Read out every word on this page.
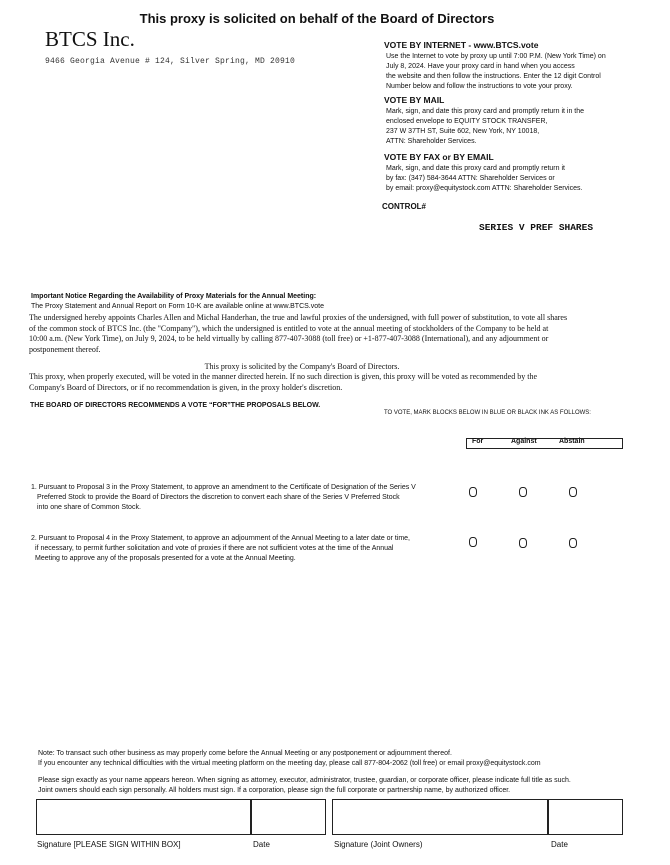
This proxy is solicited on behalf of the Board of Directors
BTCS Inc.
9466 Georgia Avenue # 124, Silver Spring, MD 20910
VOTE BY INTERNET - www.BTCS.vote
Use the Internet to vote by proxy up until 7:00 P.M. (New York Time) on
July 8, 2024. Have your proxy card in hand when you access
the website and then follow the instructions. Enter the 12 digit Control
Number below and follow the instructions to vote your proxy.
VOTE BY MAIL
Mark, sign, and date this proxy card and promptly return it in the
enclosed envelope to EQUITY STOCK TRANSFER,
237 W 37TH ST, Suite 602, New York, NY 10018,
ATTN: Shareholder Services.
VOTE BY FAX or BY EMAIL
Mark, sign, and date this proxy card and promptly return it
by fax: (347) 584-3644 ATTN: Shareholder Services or
by email: proxy@equitystock.com ATTN: Shareholder Services.
CONTROL#
SERIES V PREF SHARES
Important Notice Regarding the Availability of Proxy Materials for the Annual Meeting:
The Proxy Statement and Annual Report on Form 10-K are available online at www.BTCS.vote
The undersigned hereby appoints Charles Allen and Michal Handerhan, the true and lawful proxies of the undersigned, with full power of substitution, to vote all shares
of the common stock of BTCS Inc. (the "Company"), which the undersigned is entitled to vote at the annual meeting of stockholders of the Company to be held at
10:00 a.m. (New York Time), on July 9, 2024, to be held virtually by calling 877-407-3088 (toll free) or +1-877-407-3088 (International), and any adjournment or
postponement thereof.
This proxy is solicited by the Company's Board of Directors.
This proxy, when properly executed, will be voted in the manner directed herein. If no such direction is given, this proxy will be voted as recommended by the
Company's Board of Directors, or if no recommendation is given, in the proxy holder's discretion.
THE BOARD OF DIRECTORS RECOMMENDS A VOTE “FOR”THE PROPOSALS BELOW.
TO VOTE, MARK BLOCKS BELOW IN BLUE OR BLACK INK AS FOLLOWS:
For	Against	Abstain
1. Pursuant to Proposal 3 in the Proxy Statement, to approve an amendment to the Certificate of Designation of the Series V
Preferred Stock to provide the Board of Directors the discretion to convert each share of the Series V Preferred Stock
into one share of Common Stock.
2. Pursuant to Proposal 4 in the Proxy Statement, to approve an adjournment of the Annual Meeting to a later date or time,
if necessary, to permit further solicitation and vote of proxies if there are not sufficient votes at the time of the Annual
Meeting to approve any of the proposals presented for a vote at the Annual Meeting.
Note: To transact such other business as may properly come before the Annual Meeting or any postponement or adjournment thereof.
If you encounter any technical difficulties with the virtual meeting platform on the meeting day, please call 877-804-2062 (toll free) or email proxy@equitystock.com
Please sign exactly as your name appears hereon. When signing as attorney, executor, administrator, trustee, guardian, or corporate officer, please indicate full title as such.
Joint owners should each sign personally. All holders must sign. If a corporation, please sign the full corporate or partnership name, by authorized officer.
Signature [PLEASE SIGN WITHIN BOX]	Date	Signature (Joint Owners)	Date
